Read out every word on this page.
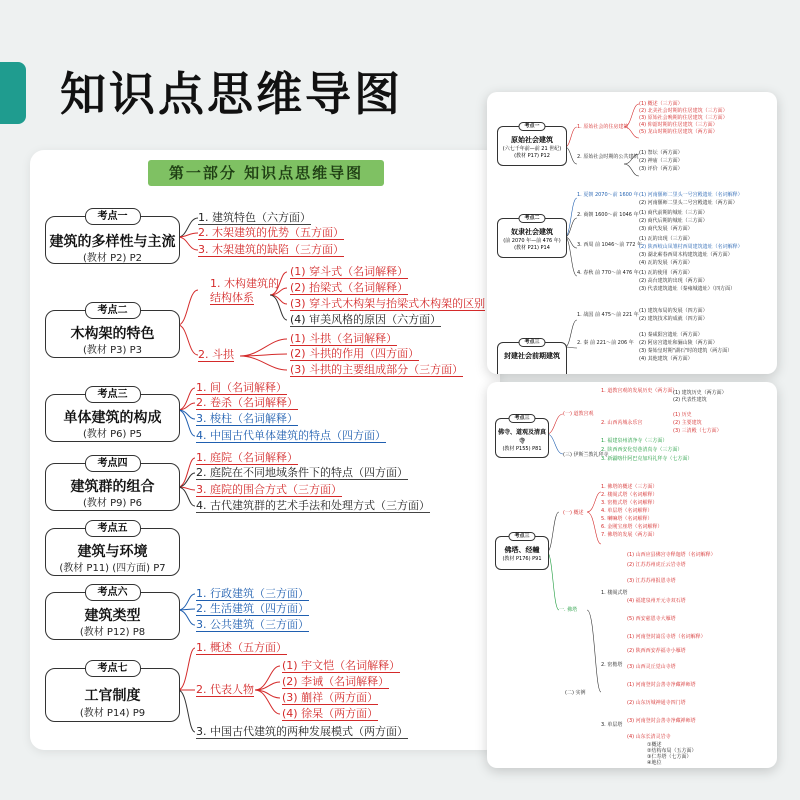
知识点思维导图
第一部分 知识点思维导图
考点一
建筑的多样性与主流
(教材 P2) P2
考点二
木构架的特色
(教材 P3) P3
考点三
单体建筑的构成
(教材 P6) P5
考点四
建筑群的组合
(教材 P9) P6
考点五
建筑与环境
(教材 P11) (四方面) P7
考点六
建筑类型
(教材 P12) P8
考点七
工官制度
(教材 P14) P9
1. 建筑特色（六方面）
2. 木架建筑的优势（五方面）
3. 木架建筑的缺陷（三方面）
1. 木构建筑的
结构体系
2. 斗拱
(1) 穿斗式（名词解释）
(2) 抬梁式（名词解释）
(3) 穿斗式木构架与抬梁式木构架的区别
(4) 审美风格的原因（六方面）
(1) 斗拱（名词解释）
(2) 斗拱的作用（四方面）
(3) 斗拱的主要组成部分（三方面）
1. 间（名词解释）
2. 卷杀（名词解释）
3. 梭柱（名词解释）
4. 中国古代单体建筑的特点（四方面）
1. 庭院（名词解释）
2. 庭院在不同地域条件下的特点（四方面）
3. 庭院的围合方式（三方面）
4. 古代建筑群的艺术手法和处理方式（三方面）
1. 行政建筑（三方面）
2. 生活建筑（四方面）
3. 公共建筑（三方面）
1. 概述（五方面）
2. 代表人物
3. 中国古代建筑的两种发展模式（两方面）
(1) 宇文恺（名词解释）
(2) 李诫（名词解释）
(3) 蒯祥（两方面）
(4) 徐杲（两方面）
考点一
原始社会建筑
(六七千年前—前 21 世纪)
(教材 P17) P12
考点二
奴隶社会建筑
(前 2070 年—前 476 年)
(教材 P21) P14
考点三
封建社会前期建筑
1. 原始社会的住房建筑
(1) 概述（三方面）
(2) 北美社会时期的住居建筑（三方面）
(3) 原始社会晚期的住居建筑（三方面）
(4) 仰韶时期的住居建筑（三方面）
(5) 龙山时期的住居建筑（两方面）
2. 原始社会时期的公共建筑
(1) 祭坛（两方面）
(2) 神庙（三方面）
(3) 评价（两方面）
1. 夏朝 2070～前 1600 年 (1) 河南偃师二里头一号宫殿遗址（名词解释）
(2) 河南偃师二里头二号宫殿遗址（两方面）
2. 商朝 1600～前 1046 年 (1) 商代前期的城址（三方面）
(2) 商代后期的城址（三方面）
(3) 商代发展（两方面）
3. 西周 前 1046～前 772 年
(1) 瓦的出现（三方面）
(2) 陕西岐山凤雏村西周建筑遗址（名词解释）
(3) 湖北蕲春西周木构建筑遗址（两方面）
(4) 瓦的发展（两方面）
4. 春秋 前 770～前 476 年 (1) 瓦的使用（两方面）
(2) 高台建筑的出现（两方面）
(3) 代表建筑遗址（秦雍城遗址）（四方面）
1. 战国 前 475～前 221 年
(1) 建筑布局的发展（四方面）
(2) 建筑技术的成就（四方面）
2. 秦 前 221～前 206 年
(1) 秦咸阳宫遗址（两方面）
(2) 阿房宫遗址和骊山陵（两方面）
(3) 秦始皇时期"湖石"时的建筑（两方面）
(4) 其他建筑（两方面）
考点三
佛寺、道观及清真寺
(教材 P155) P81
考点三
佛塔、经幢
(教材 P176) P91
(一) 道教宫观
1. 道教宫观的发展历史（两方面）
(1) 建筑历史（两方面）
(2) 代表性建筑
2. 山西芮城永乐宫
(1) 历史
(2) 主要建筑
(3) 三清殿（七方面）
(三) 伊斯兰教礼拜寺
1. 福建泉州清净寺（三方面）
2. 陕西西安化觉巷清真寺（三方面）
3. 新疆喀什阿巴克加玛礼拜寺（七方面）
(一) 概述
1. 佛塔的概述（三方面）
2. 楼阁式塔（名词解释）
3. 密檐式塔（名词解释）
4. 单层塔（名词解释）
5. 喇嘛塔（名词解释）
6. 金刚宝座塔（名词解释）
7. 佛塔的发展（两方面）
一. 佛塔
(二) 实例
1. 楼阁式塔
(1) 山西应县佛宫寺释迦塔（名词解释）
(2) 江苏苏州虎丘云岩寺塔
(3) 江苏苏州报恩寺塔
(4) 福建泉州开元寺双石塔
(5) 西安慈恩寺大雁塔
2. 密檐塔
(1) 河南登封嵩岳寺塔（名词解释）
(2) 陕西西安荐福寺小雁塔
(3) 山西灵丘觉山寺塔
3. 单层塔
(1) 河南登封会善寺净藏禅师塔
(2) 山东历城神通寺四门塔
(3) 河南登封会善寺净藏禅师塔
(4) 山东长清灵岩寺
①概述
②结构布局（五方面）
③仁寿塔（七方面）
④地位
